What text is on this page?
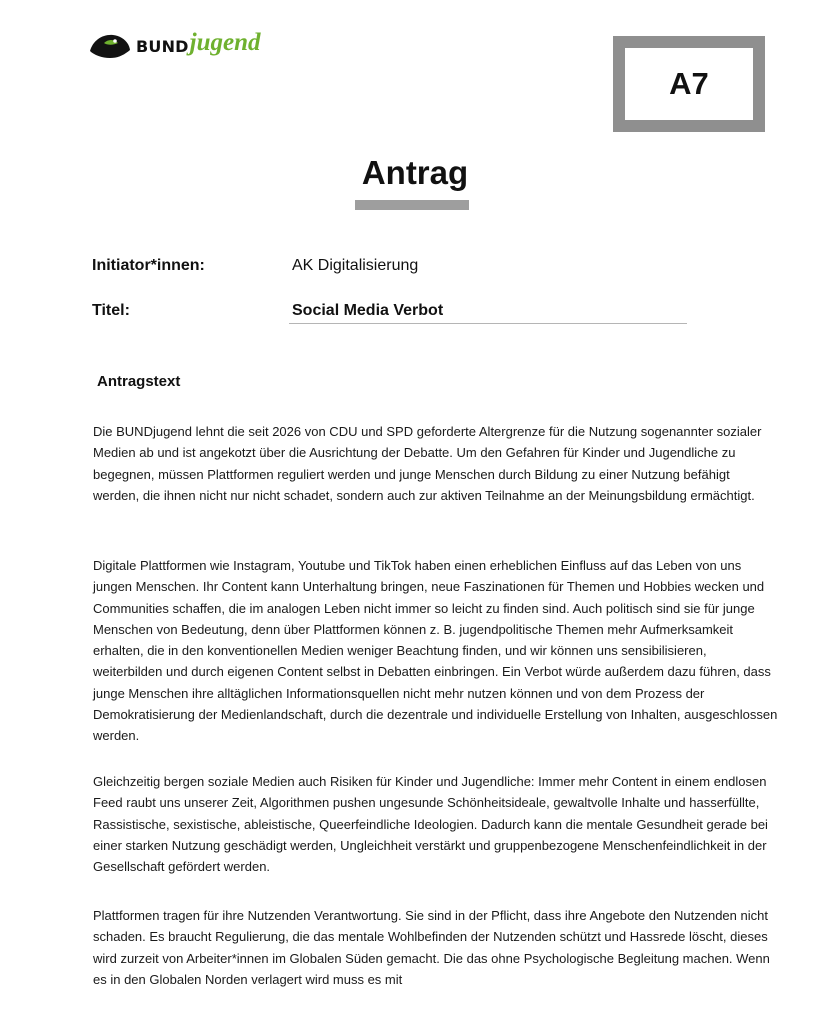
BUND jugend
A7
Antrag
Initiator*innen:	AK Digitalisierung
Titel:	Social Media Verbot
Antragstext

Die BUNDjugend lehnt die seit 2026 von CDU und SPD geforderte Altergrenze für die Nutzung sogenannter sozialer Medien ab und ist angekotzt über die Ausrichtung der Debatte. Um den Gefahren für Kinder und Jugendliche zu begegnen, müssen Plattformen reguliert werden und junge Menschen durch Bildung zu einer Nutzung befähigt werden, die ihnen nicht nur nicht schadet, sondern auch zur aktiven Teilnahme an der Meinungsbildung ermächtigt.

Digitale Plattformen wie Instagram, Youtube und TikTok haben einen erheblichen Einfluss auf das Leben von uns jungen Menschen. Ihr Content kann Unterhaltung bringen, neue Faszinationen für Themen und Hobbies wecken und Communities schaffen, die im analogen Leben nicht immer so leicht zu finden sind. Auch politisch sind sie für junge Menschen von Bedeutung, denn über Plattformen können z. B. jugendpolitische Themen mehr Aufmerksamkeit erhalten, die in den konventionellen Medien weniger Beachtung finden, und wir können uns sensibilisieren, weiterbilden und durch eigenen Content selbst in Debatten einbringen. Ein Verbot würde außerdem dazu führen, dass junge Menschen ihre alltäglichen Informationsquellen nicht mehr nutzen können und von dem Prozess der Demokratisierung der Medienlandschaft, durch die dezentrale und individuelle Erstellung von Inhalten, ausgeschlossen werden.

Gleichzeitig bergen soziale Medien auch Risiken für Kinder und Jugendliche: Immer mehr Content in einem endlosen Feed raubt uns unserer Zeit, Algorithmen pushen ungesunde Schönheitsideale, gewaltvolle Inhalte und hasserfüllte, Rassistische, sexistische, ableistische, Queerfeindliche Ideologien. Dadurch kann die mentale Gesundheit gerade bei einer starken Nutzung geschädigt werden, Ungleichheit verstärkt und gruppenbezogene Menschenfeindlichkeit in der Gesellschaft gefördert werden.

Plattformen tragen für ihre Nutzenden Verantwortung. Sie sind in der Pflicht, dass ihre Angebote den Nutzenden nicht schaden. Es braucht Regulierung, die das mentale Wohlbefinden der Nutzenden schützt und Hassrede löscht, dieses wird zurzeit von Arbeiter*innen im Globalen Süden gemacht. Die das ohne Psychologische Begleitung machen. Wenn es in den Globalen Norden verlagert wird muss es mit
